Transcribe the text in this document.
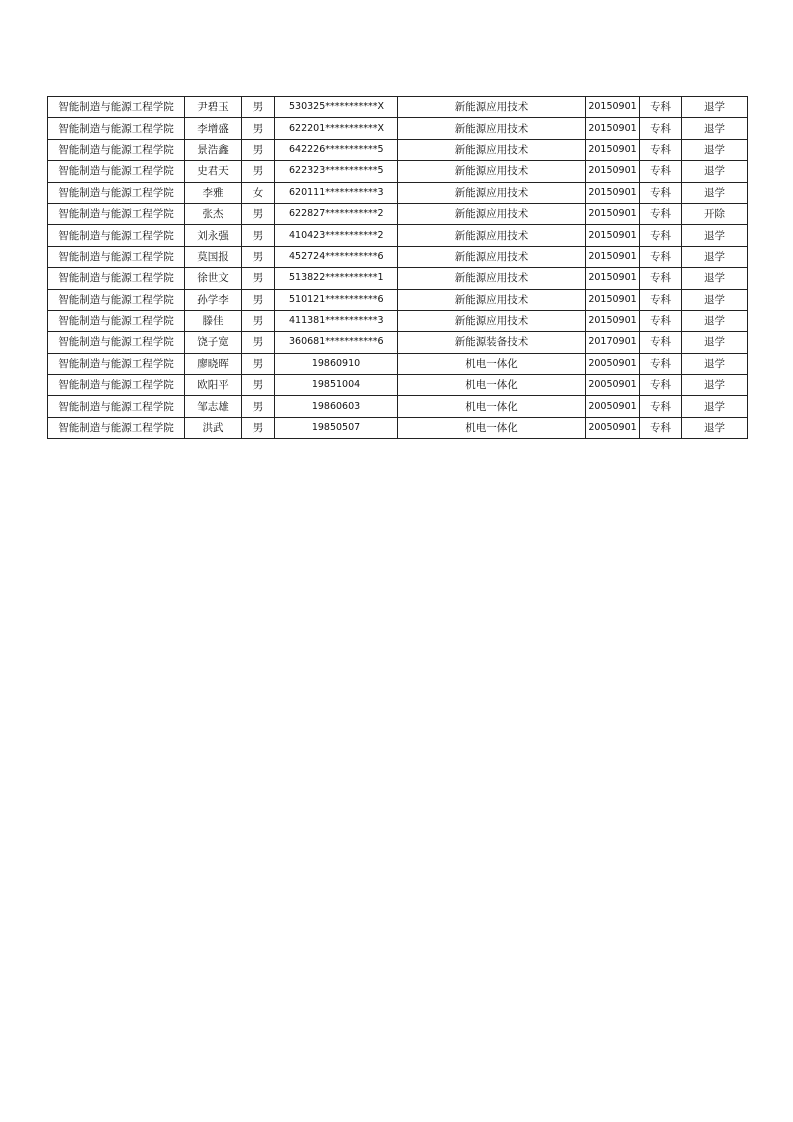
智能制造与能源工程学院	尹碧玉	男	530325***********X	新能源应用技术	20150901	专科	退学
智能制造与能源工程学院	李增盛	男	622201***********X	新能源应用技术	20150901	专科	退学
智能制造与能源工程学院	景浩鑫	男	642226***********5	新能源应用技术	20150901	专科	退学
智能制造与能源工程学院	史君天	男	622323***********5	新能源应用技术	20150901	专科	退学
智能制造与能源工程学院	李雅	女	620111***********3	新能源应用技术	20150901	专科	退学
智能制造与能源工程学院	张杰	男	622827***********2	新能源应用技术	20150901	专科	开除
智能制造与能源工程学院	刘永强	男	410423***********2	新能源应用技术	20150901	专科	退学
智能制造与能源工程学院	莫国报	男	452724***********6	新能源应用技术	20150901	专科	退学
智能制造与能源工程学院	徐世文	男	513822***********1	新能源应用技术	20150901	专科	退学
智能制造与能源工程学院	孙学李	男	510121***********6	新能源应用技术	20150901	专科	退学
智能制造与能源工程学院	滕佳	男	411381***********3	新能源应用技术	20150901	专科	退学
智能制造与能源工程学院	饶子宽	男	360681***********6	新能源装备技术	20170901	专科	退学
智能制造与能源工程学院	廖晓晖	男	19860910	机电一体化	20050901	专科	退学
智能制造与能源工程学院	欧阳平	男	19851004	机电一体化	20050901	专科	退学
智能制造与能源工程学院	邹志雄	男	19860603	机电一体化	20050901	专科	退学
智能制造与能源工程学院	洪武	男	19850507	机电一体化	20050901	专科	退学
